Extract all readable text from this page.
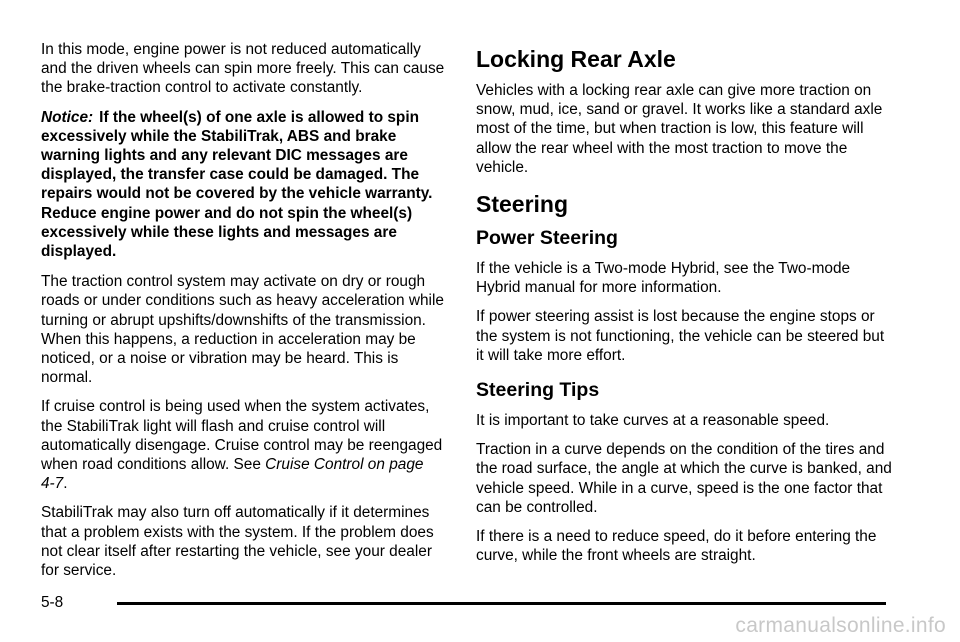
In this mode, engine power is not reduced automatically and the driven wheels can spin more freely. This can cause the brake-traction control to activate constantly.

Notice: If the wheel(s) of one axle is allowed to spin excessively while the StabiliTrak, ABS and brake warning lights and any relevant DIC messages are displayed, the transfer case could be damaged. The repairs would not be covered by the vehicle warranty. Reduce engine power and do not spin the wheel(s) excessively while these lights and messages are displayed.

The traction control system may activate on dry or rough roads or under conditions such as heavy acceleration while turning or abrupt upshifts/downshifts of the transmission. When this happens, a reduction in acceleration may be noticed, or a noise or vibration may be heard. This is normal.

If cruise control is being used when the system activates, the StabiliTrak light will flash and cruise control will automatically disengage. Cruise control may be reengaged when road conditions allow. See Cruise Control on page 4‑7.

StabiliTrak may also turn off automatically if it determines that a problem exists with the system. If the problem does not clear itself after restarting the vehicle, see your dealer for service.

Locking Rear Axle

Vehicles with a locking rear axle can give more traction on snow, mud, ice, sand or gravel. It works like a standard axle most of the time, but when traction is low, this feature will allow the rear wheel with the most traction to move the vehicle.

Steering
Power Steering

If the vehicle is a Two-mode Hybrid, see the Two-mode Hybrid manual for more information.

If power steering assist is lost because the engine stops or the system is not functioning, the vehicle can be steered but it will take more effort.

Steering Tips

It is important to take curves at a reasonable speed.

Traction in a curve depends on the condition of the tires and the road surface, the angle at which the curve is banked, and vehicle speed. While in a curve, speed is the one factor that can be controlled.

If there is a need to reduce speed, do it before entering the curve, while the front wheels are straight.

5-8
carmanualsonline.info
